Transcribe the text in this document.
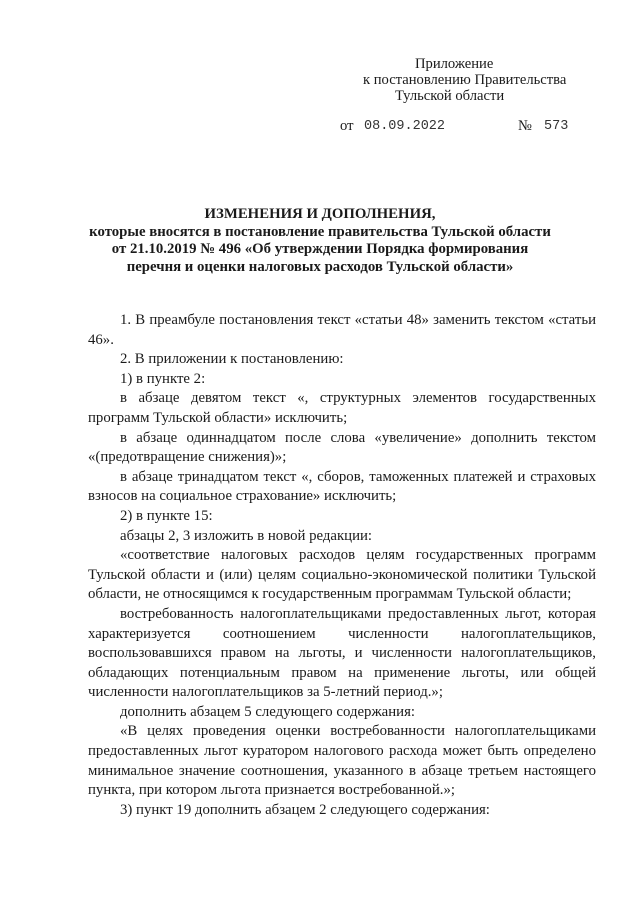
Приложение
к постановлению Правительства
Тульской области
от 08.09.2022	№ 573
ИЗМЕНЕНИЯ И ДОПОЛНЕНИЯ,
которые вносятся в постановление правительства Тульской области
от 21.10.2019 № 496 «Об утверждении Порядка формирования
перечня и оценки налоговых расходов Тульской области»

1. В преамбуле постановления текст «статьи 48» заменить текстом «статьи 46».

2. В приложении к постановлению:

1) в пункте 2:

в абзаце девятом текст «, структурных элементов государственных программ Тульской области» исключить;

в абзаце одиннадцатом после слова «увеличение» дополнить текстом «(предотвращение снижения)»;

в абзаце тринадцатом текст «, сборов, таможенных платежей и страховых взносов на социальное страхование» исключить;

2) в пункте 15:

абзацы 2, 3 изложить в новой редакции:

«соответствие налоговых расходов целям государственных программ Тульской области и (или) целям социально-экономической политики Тульской области, не относящимся к государственным программам Тульской области;

востребованность налогоплательщиками предоставленных льгот, которая характеризуется соотношением численности налогоплательщиков, воспользовавшихся правом на льготы, и численности налогоплательщиков, обладающих потенциальным правом на применение льготы, или общей численности налогоплательщиков за 5-летний период.»;

дополнить абзацем 5 следующего содержания:

«В целях проведения оценки востребованности налогоплательщиками предоставленных льгот куратором налогового расхода может быть определено минимальное значение соотношения, указанного в абзаце третьем настоящего пункта, при котором льгота признается востребованной.»;

3) пункт 19 дополнить абзацем 2 следующего содержания:
